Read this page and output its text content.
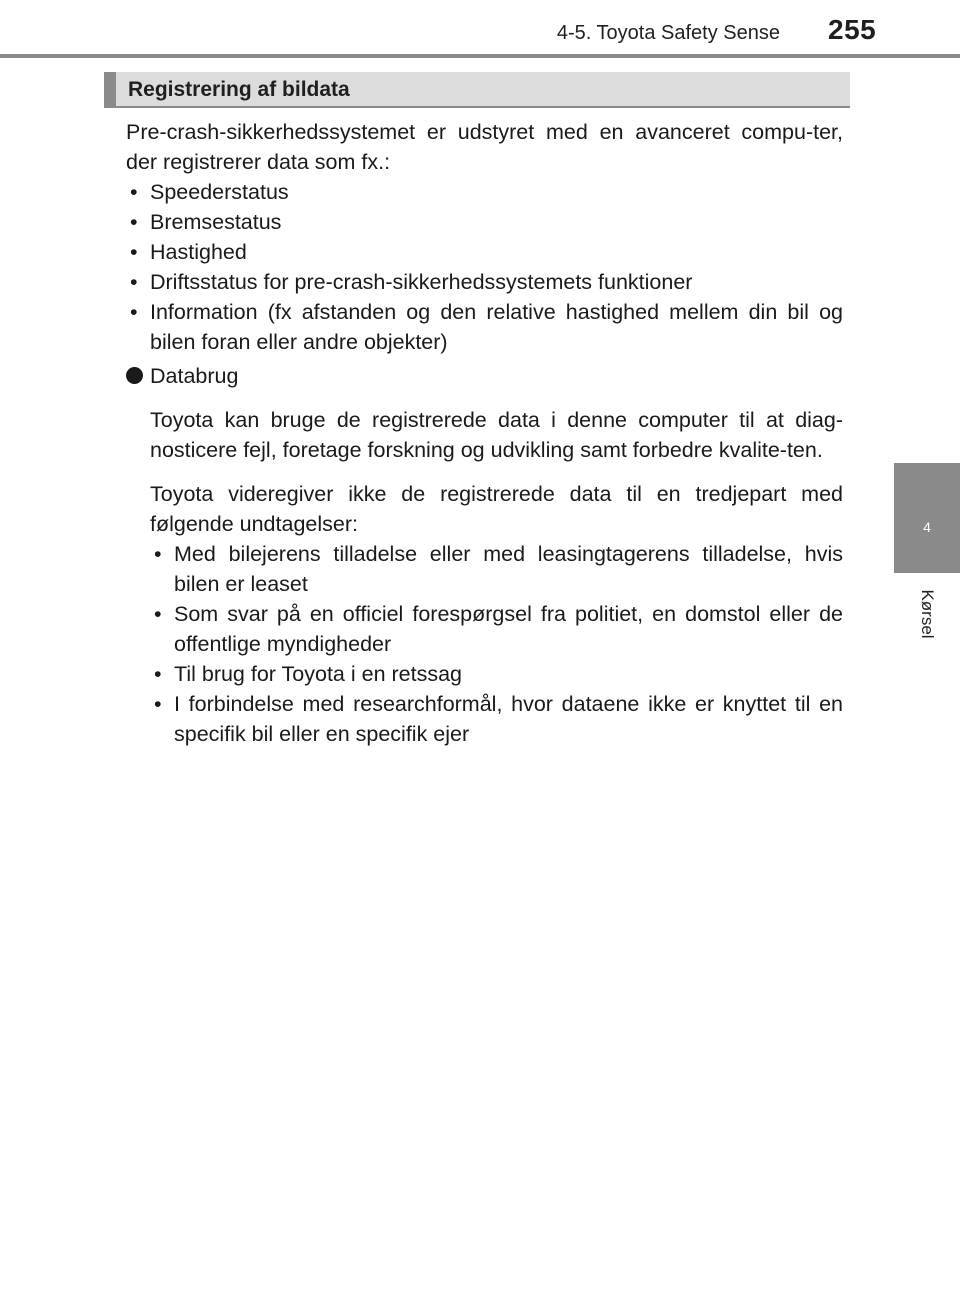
4-5. Toyota Safety Sense 255
4
Kørsel
Registrering af bildata

Pre-crash-sikkerhedssystemet er udstyret med en avanceret compu-ter, der registrerer data som fx.:

• Speederstatus
• Bremsestatus
• Hastighed
• Driftsstatus for pre-crash-sikkerhedssystemets funktioner
• Information (fx afstanden og den relative hastighed mellem din bil og bilen foran eller andre objekter)
Databrug

Toyota kan bruge de registrerede data i denne computer til at diag-nosticere fejl, foretage forskning og udvikling samt forbedre kvalite-ten.

Toyota videregiver ikke de registrerede data til en tredjepart med følgende undtagelser:

• Med bilejerens tilladelse eller med leasingtagerens tilladelse, hvis bilen er leaset
• Som svar på en officiel forespørgsel fra politiet, en domstol eller de offentlige myndigheder
• Til brug for Toyota i en retssag
• I forbindelse med researchformål, hvor dataene ikke er knyttet til en specifik bil eller en specifik ejer
